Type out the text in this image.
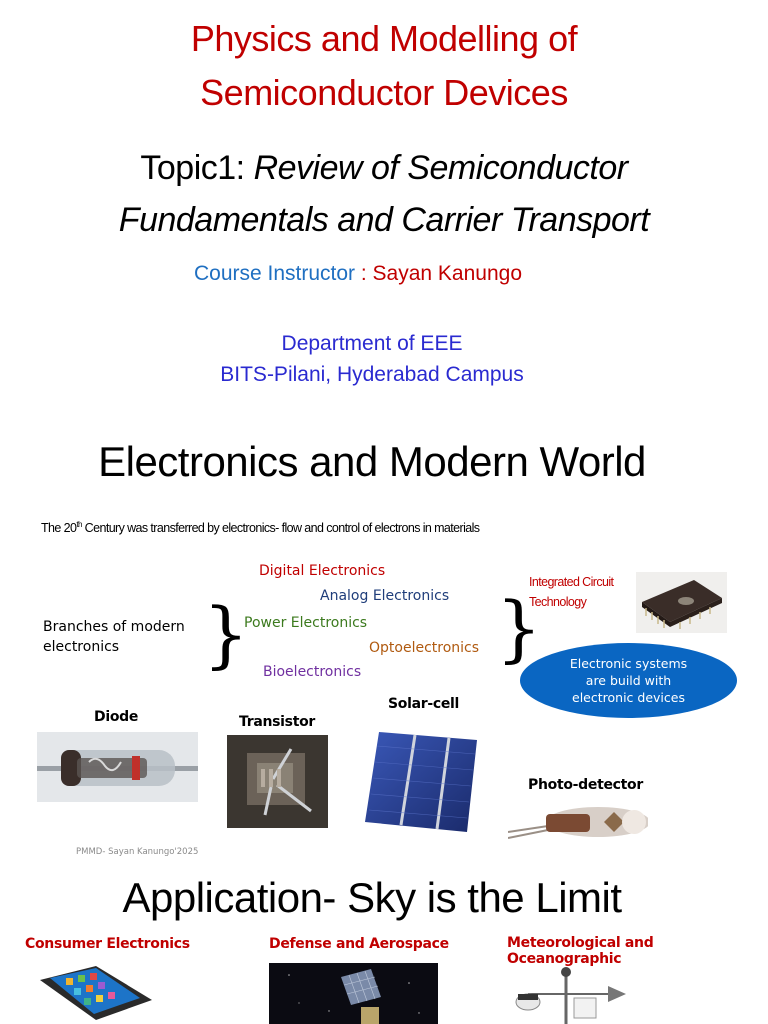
Physics and Modelling of
Semiconductor Devices
Topic1: Review of Semiconductor
Fundamentals and Carrier Transport
Course Instructor : Sayan Kanungo
Department of EEE
BITS-Pilani, Hyderabad Campus
Electronics and Modern World
The 20th Century was transferred by electronics- flow and control of electrons in materials
Branches of modern
electronics	}	}
Digital Electronics
Analog Electronics
Power Electronics
Optoelectronics
Bioelectronics
Integrated Circuit
Technology
Electronic systems
are build with
electronic devices
Diode	Transistor
Solar-cell
Photo-detector
PMMD- Sayan Kanungo'2025
Application- Sky is the Limit
Consumer Electronics	Defense and Aerospace	Meteorological and Oceanographic
